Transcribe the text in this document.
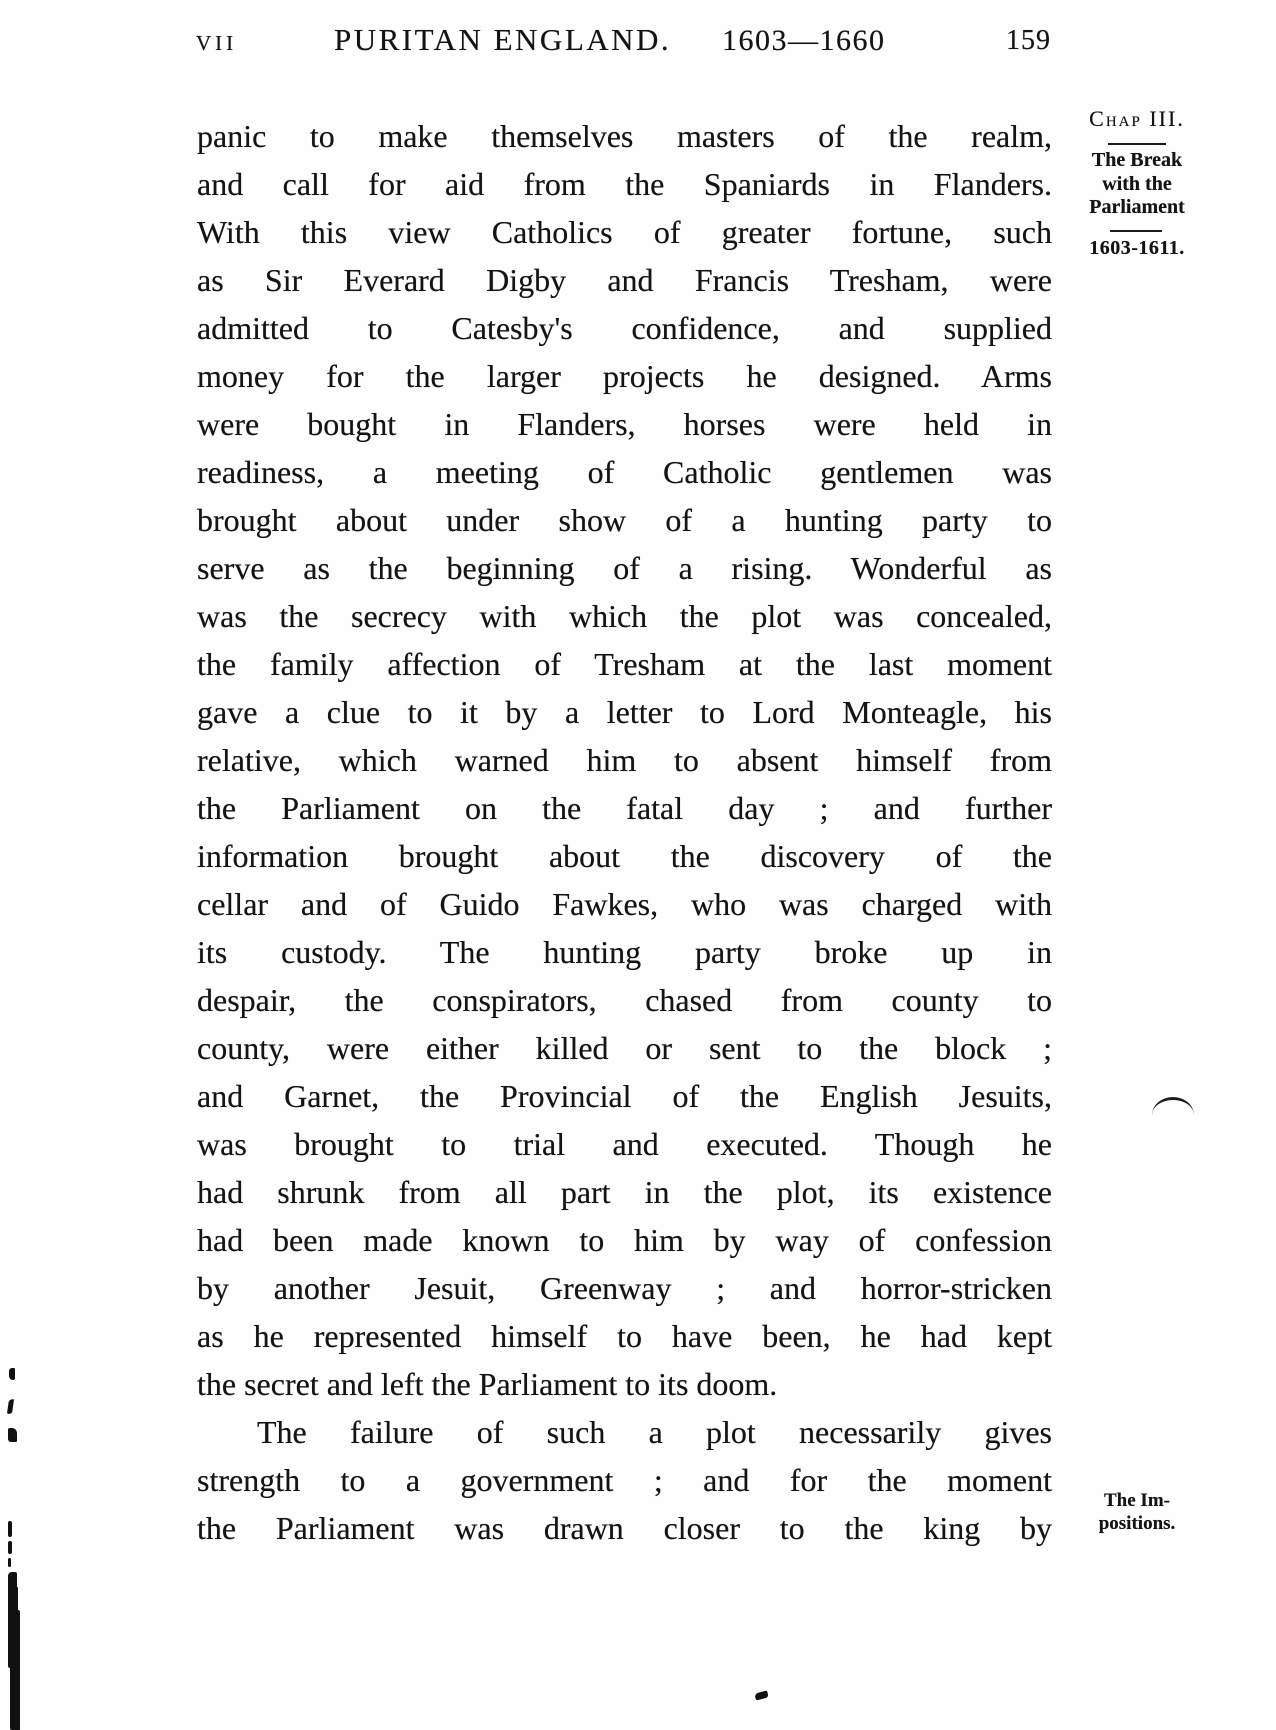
VII	PURITAN ENGLAND. 1603—1660	159
panic to make themselves masters of the realm,
and call for aid from the Spaniards in Flanders.
With this view Catholics of greater fortune, such
as Sir Everard Digby and Francis Tresham, were
admitted to Catesby's confidence, and supplied
money for the larger projects he designed. Arms
were bought in Flanders, horses were held in
readiness, a meeting of Catholic gentlemen was
brought about under show of a hunting party to
serve as the beginning of a rising. Wonderful as
was the secrecy with which the plot was concealed,
the family affection of Tresham at the last moment
gave a clue to it by a letter to Lord Monteagle, his
relative, which warned him to absent himself from
the Parliament on the fatal day ; and further
information brought about the discovery of the
cellar and of Guido Fawkes, who was charged with
its custody. The hunting party broke up in
despair, the conspirators, chased from county to
county, were either killed or sent to the block ;
and Garnet, the Provincial of the English Jesuits,
was brought to trial and executed. Though he
had shrunk from all part in the plot, its existence
had been made known to him by way of confession
by another Jesuit, Greenway ; and horror-stricken
as he represented himself to have been, he had kept
the secret and left the Parliament to its doom.
The failure of such a plot necessarily gives
strength to a government ; and for the moment
the Parliament was drawn closer to the king by
Chap III.
The Break
with the
Parliament
1603-1611.
The Im-
positions.
